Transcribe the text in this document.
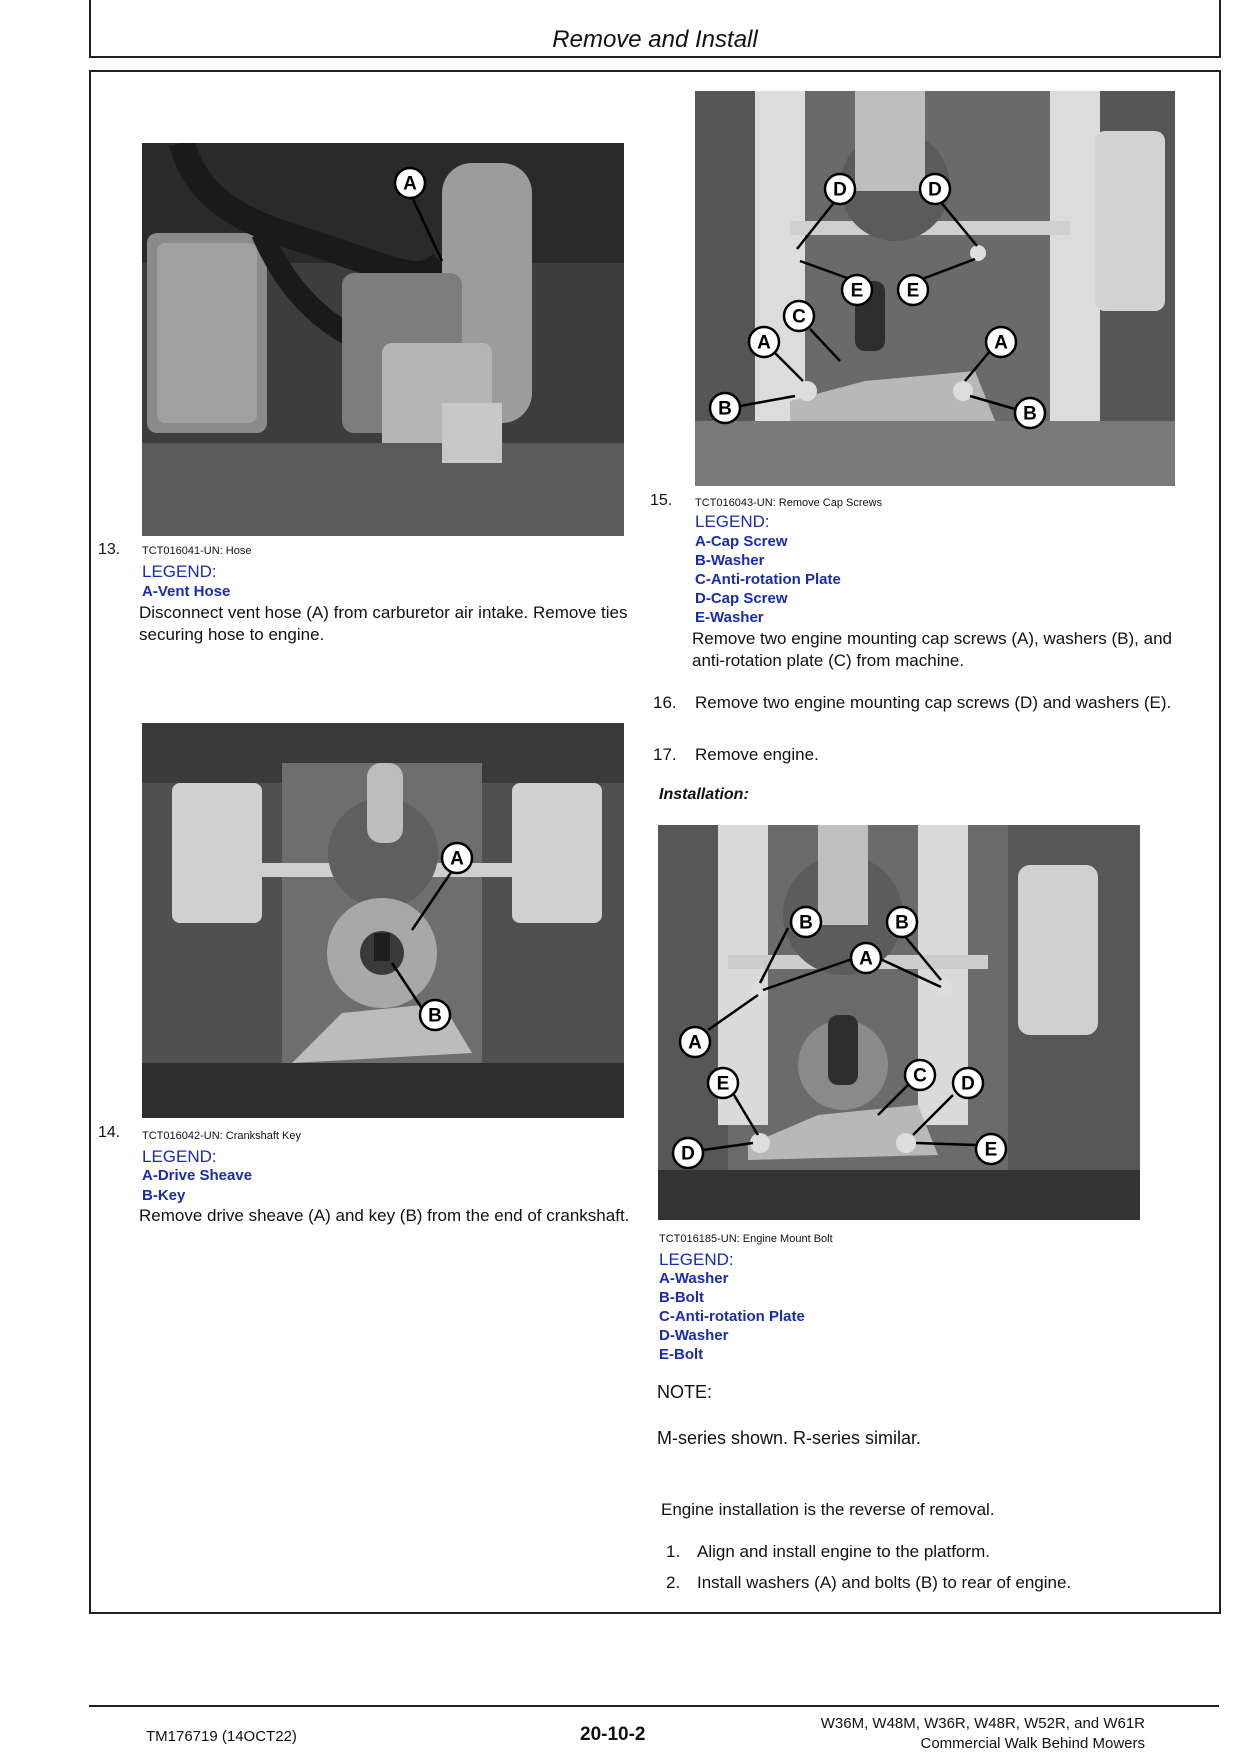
Remove and Install
A
13. TCT016041-UN: Hose
LEGEND:
A-Vent Hose
Disconnect vent hose (A) from carburetor air intake. Remove ties securing hose to engine.
A
B
14. TCT016042-UN: Crankshaft Key
LEGEND:
A-Drive Sheave
B-Key
Remove drive sheave (A) and key (B) from the end of crankshaft.
D	D
E E
C
A	A
B	B
15. TCT016043-UN: Remove Cap Screws
LEGEND:
A-Cap Screw
B-Washer
C-Anti-rotation Plate
D-Cap Screw
E-Washer
Remove two engine mounting cap screws (A), washers (B), and anti-rotation plate (C) from machine.
16. Remove two engine mounting cap screws (D) and washers (E).
17. Remove engine.
Installation:
B	B
A
A
E	C D
D	E
TCT016185-UN: Engine Mount Bolt
LEGEND:
A-Washer
B-Bolt
C-Anti-rotation Plate
D-Washer
E-Bolt
NOTE:
M-series shown. R-series similar.
Engine installation is the reverse of removal.
1. Align and install engine to the platform.
2. Install washers (A) and bolts (B) to rear of engine.
TM176719 (14OCT22)	20-10-2
W36M, W48M, W36R, W48R, W52R, and W61R
Commercial Walk Behind Mowers
